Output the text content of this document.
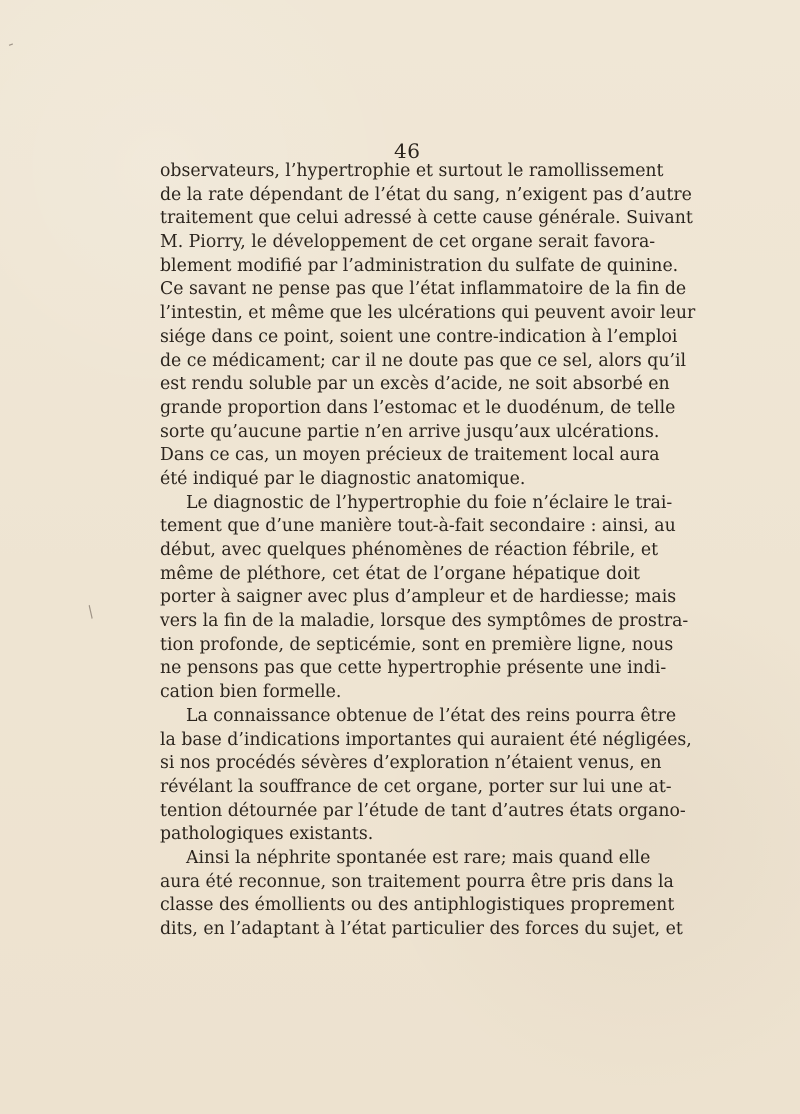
-
/
46
observateurs, l’hypertrophie et surtout le ramollissement
de la rate dépendant de l’état du sang, n’exigent pas d’autre
traitement que celui adressé à cette cause générale. Suivant
M. Piorry, le développement de cet organe serait favora-
blement modifié par l’administration du sulfate de quinine.
Ce savant ne pense pas que l’état inflammatoire de la fin de
l’intestin, et même que les ulcérations qui peuvent avoir leur
siége dans ce point, soient une contre-indication à l’emploi
de ce médicament; car il ne doute pas que ce sel, alors qu’il
est rendu soluble par un excès d’acide, ne soit absorbé en
grande proportion dans l’estomac et le duodénum, de telle
sorte qu’aucune partie n’en arrive jusqu’aux ulcérations.
Dans ce cas, un moyen précieux de traitement local aura
été indiqué par le diagnostic anatomique.
Le diagnostic de l’hypertrophie du foie n’éclaire le trai-
tement que d’une manière tout-à-fait secondaire : ainsi, au
début, avec quelques phénomènes de réaction fébrile, et
même de pléthore, cet état de l’organe hépatique doit
porter à saigner avec plus d’ampleur et de hardiesse; mais
vers la fin de la maladie, lorsque des symptômes de prostra-
tion profonde, de septicémie, sont en première ligne, nous
ne pensons pas que cette hypertrophie présente une indi-
cation bien formelle.
La connaissance obtenue de l’état des reins pourra être
la base d’indications importantes qui auraient été négligées,
si nos procédés sévères d’exploration n’étaient venus, en
révélant la souffrance de cet organe, porter sur lui une at-
tention détournée par l’étude de tant d’autres états organo-
pathologiques existants.
Ainsi la néphrite spontanée est rare; mais quand elle
aura été reconnue, son traitement pourra être pris dans la
classe des émollients ou des antiphlogistiques proprement
dits, en l’adaptant à l’état particulier des forces du sujet, et
